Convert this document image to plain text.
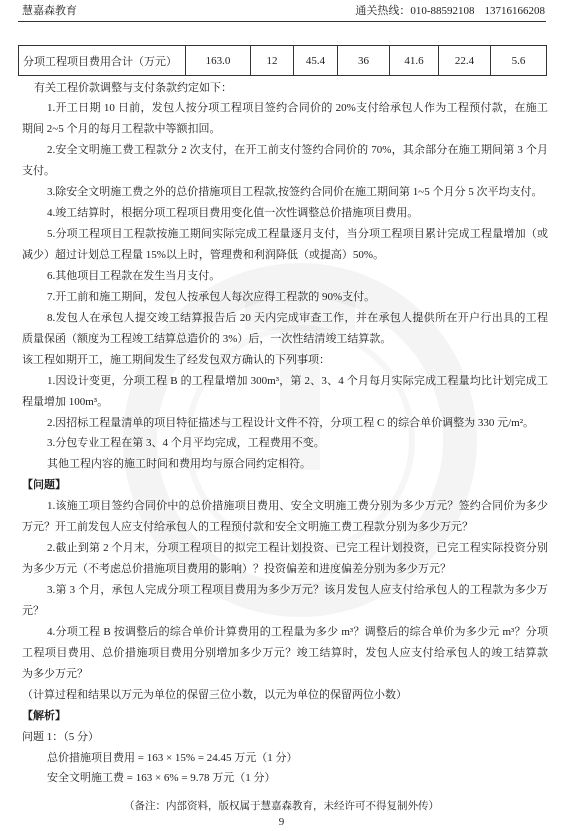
慧嘉森教育	通关热线：010-88592108 13716166208
分项工程项目费用合计（万元）	163.0	12	45.4	36	41.6	22.4	5.6
有关工程价款调整与支付条款约定如下：
1.开工日期 10 日前，发包人按分项工程项目签约合同价的 20%支付给承包人作为工程预付款，在施工
期间 2~5 个月的每月工程款中等额扣回。
2.安全文明施工费工程款分 2 次支付，在开工前支付签约合同价的 70%，其余部分在施工期间第 3 个月
支付。
3.除安全文明施工费之外的总价措施项目工程款,按签约合同价在施工期间第 1~5 个月分 5 次平均支付。
4.竣工结算时，根据分项工程项目费用变化值一次性调整总价措施项目费用。
5.分项工程项目工程款按施工期间实际完成工程量逐月支付，当分项工程项目累计完成工程量增加（或
减少）超过计划总工程量 15%以上时，管理费和利润降低（或提高）50%。
6.其他项目工程款在发生当月支付。
7.开工前和施工期间，发包人按承包人每次应得工程款的 90%支付。
8.发包人在承包人提交竣工结算报告后 20 天内完成审查工作，并在承包人提供所在开户行出具的工程
质量保函（额度为工程竣工结算总造价的 3%）后，一次性结清竣工结算款。
该工程如期开工，施工期间发生了经发包双方确认的下列事项：
1.因设计变更，分项工程 B 的工程量增加 300m³，第 2、3、4 个月每月实际完成工程量均比计划完成工
程量增加 100m³。
2.因招标工程量清单的项目特征描述与工程设计文件不符，分项工程 C 的综合单价调整为 330 元/m²。
3.分包专业工程在第 3、4 个月平均完成，工程费用不变。
其他工程内容的施工时间和费用均与原合同约定相符。
【问题】
1.该施工项目签约合同价中的总价措施项目费用、安全文明施工费分别为多少万元？签约合同价为多少
万元？开工前发包人应支付给承包人的工程预付款和安全文明施工费工程款分别为多少万元？
2.截止到第 2 个月末，分项工程项目的拟完工程计划投资、已完工程计划投资，已完工程实际投资分别
为多少万元（不考虑总价措施项目费用的影响）？投资偏差和进度偏差分别为多少万元？
3.第 3 个月，承包人完成分项工程项目费用为多少万元？该月发包人应支付给承包人的工程款为多少万
元？
4.分项工程 B 按调整后的综合单价计算费用的工程量为多少 m³？调整后的综合单价为多少元 m³？分项
工程项目费用、总价措施项目费用分别增加多少万元？竣工结算时，发包人应支付给承包人的竣工结算款
为多少万元？
（计算过程和结果以万元为单位的保留三位小数，以元为单位的保留两位小数）
【解析】
问题 1：（5 分）
总价措施项目费用 = 163 × 15% = 24.45 万元（1 分）
安全文明施工费 = 163 × 6% = 9.78 万元（1 分）
（备注：内部资料，版权属于慧嘉森教育，未经许可不得复制外传）
9
